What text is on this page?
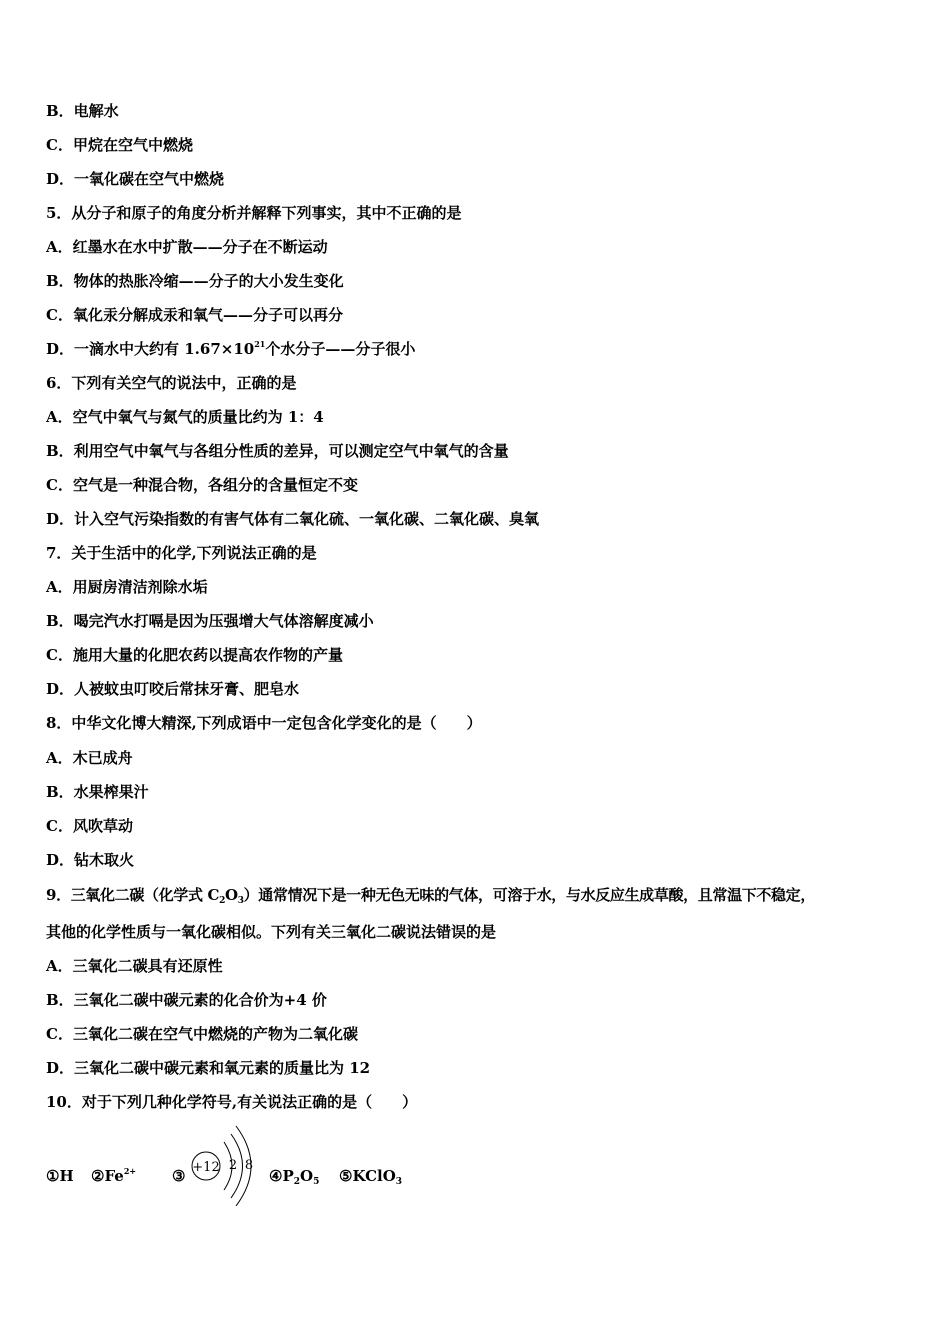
B．电解水
C．甲烷在空气中燃烧
D．一氧化碳在空气中燃烧
5．从分子和原子的角度分析并解释下列事实，其中不正确的是
A．红墨水在水中扩散——分子在不断运动
B．物体的热胀冷缩——分子的大小发生变化
C．氧化汞分解成汞和氧气——分子可以再分
D．一滴水中大约有 $1.67\times 10^{21}$个水分子——分子很小
6．下列有关空气的说法中，正确的是
A．空气中氧气与氮气的质量比约为 1：4
B．利用空气中氧气与各组分性质的差异，可以测定空气中氧气的含量
C．空气是一种混合物，各组分的含量恒定不变
D．计入空气污染指数的有害气体有二氧化硫、一氧化碳、二氧化碳、臭氧
7．关于生活中的化学,下列说法正确的是
A．用厨房清洁剂除水垢
B．喝完汽水打嗝是因为压强增大气体溶解度减小
C．施用大量的化肥农药以提高农作物的产量
D．人被蚊虫叮咬后常抹牙膏、肥皂水
8．中华文化博大精深,下列成语中一定包含化学变化的是（　　）
A．木已成舟
B．水果榨果汁
C．风吹草动
D．钻木取火
9．三氧化二碳（化学式 $C_2O_3$）通常情况下是一种无色无味的气体，可溶于水，与水反应生成草酸，且常温下不稳定，
其他的化学性质与一氧化碳相似。下列有关三氧化二碳说法错误的是
A．三氧化二碳具有还原性
B．三氧化二碳中碳元素的化合价为+4 价
C．三氧化二碳在空气中燃烧的产物为二氧化碳
D．三氧化二碳中碳元素和氧元素的质量比为 12
10．对于下列几种化学符号,有关说法正确的是（　　）
①H $②Fe^{2+}$ ③ +12 2 8
$④P_2O_5$ ⑤KClO$_3$
